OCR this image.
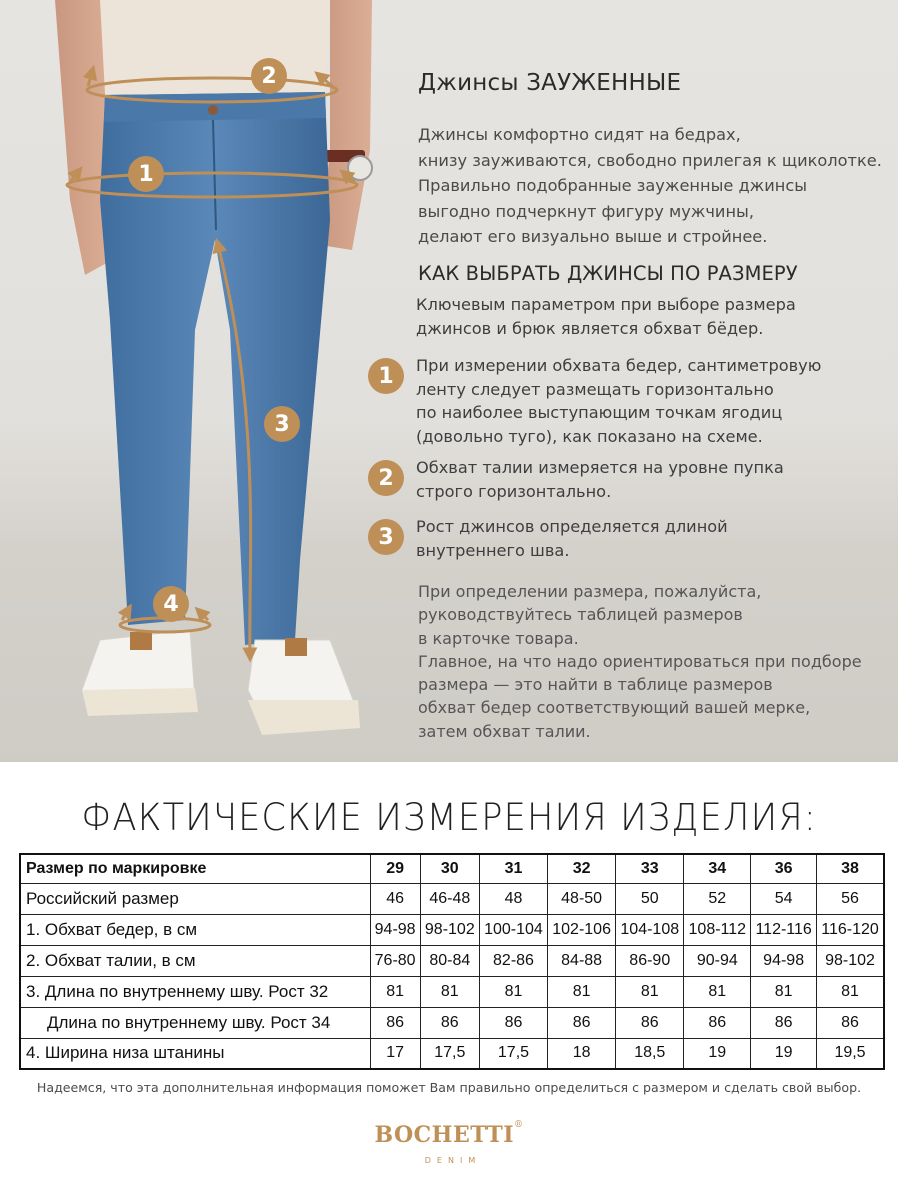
2
1
3
4
Джинсы ЗАУЖЕННЫЕ
Джинсы комфортно сидят на бедрах,
книзу зауживаются, свободно прилегая к щиколотке.
Правильно подобранные зауженные джинсы
выгодно подчеркнут фигуру мужчины,
делают его визуально выше и стройнее.
КАК ВЫБРАТЬ ДЖИНСЫ ПО РАЗМЕРУ
Ключевым параметром при выборе размера
джинсов и брюк является обхват бёдер.
1	При измерении обхвата бедер, сантиметровую
ленту следует размещать горизонтально
по наиболее выступающим точкам ягодиц
(довольно туго), как показано на схеме.
2	Обхват талии измеряется на уровне пупка
строго горизонтально.
3	Рост джинсов определяется длиной
внутреннего шва.
При определении размера, пожалуйста,
руководствуйтесь таблицей размеров
в карточке товара.
Главное, на что надо ориентироваться при подборе
размера — это найти в таблице размеров
обхват бедер соответствующий вашей мерке,
затем обхват талии.
ФАКТИЧЕСКИЕ ИЗМЕРЕНИЯ ИЗДЕЛИЯ:
Размер по маркировке	29	30	31	32	33	34	36	38
Российский размер	46	46-48	48	48-50	50	52	54	56
1. Обхват бедер, в см	94-98	98-102	100-104	102-106	104-108	108-112	112-116	116-120
2. Обхват талии, в см	76-80	80-84	82-86	84-88	86-90	90-94	94-98	98-102
3. Длина по внутреннему шву. Рост 32	81	81	81	81	81	81	81	81
Длина по внутреннему шву. Рост 34	86	86	86	86	86	86	86	86
4. Ширина низа штанины	17	17,5	17,5	18	18,5	19	19	19,5
Надеемся, что эта дополнительная информация поможет Вам правильно определиться с размером и сделать свой выбор.
BOCHETTI®
DENIM
